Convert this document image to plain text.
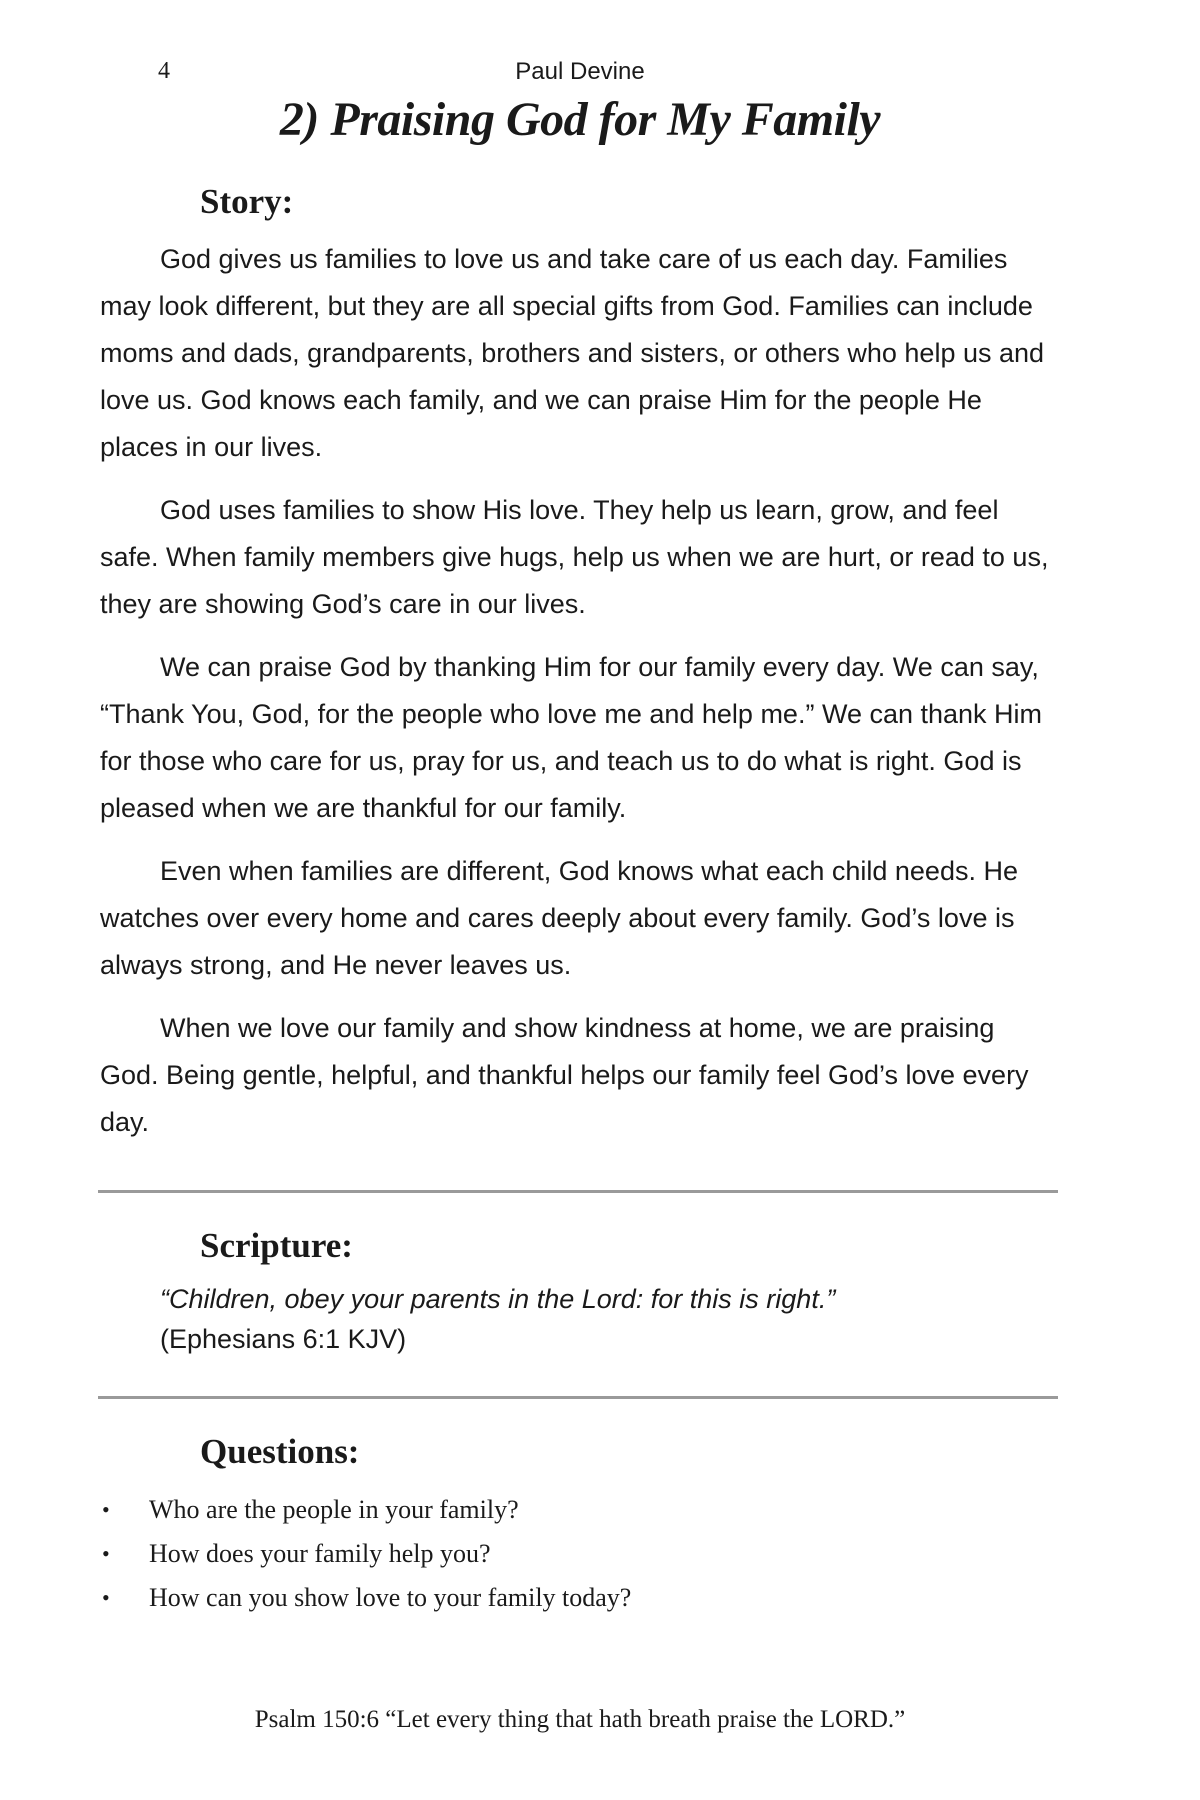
4	Paul Devine

2) Praising God for My Family
Story:

God gives us families to love us and take care of us each day. Families may look different, but they are all special gifts from God. Families can include moms and dads, grandparents, brothers and sisters, or others who help us and love us. God knows each family, and we can praise Him for the people He places in our lives.

God uses families to show His love. They help us learn, grow, and feel safe. When family members give hugs, help us when we are hurt, or read to us, they are showing God’s care in our lives.

We can praise God by thanking Him for our family every day. We can say, “Thank You, God, for the people who love me and help me.” We can thank Him for those who care for us, pray for us, and teach us to do what is right. God is pleased when we are thankful for our family.

Even when families are different, God knows what each child needs. He watches over every home and cares deeply about every family. God’s love is always strong, and He never leaves us.

When we love our family and show kindness at home, we are praising God. Being gentle, helpful, and thankful helps our family feel God’s love every day.

Scripture:

“Children, obey your parents in the Lord: for this is right.”

(Ephesians 6:1 KJV)

Questions:
• Who are the people in your family?
• How does your family help you?
• How can you show love to your family today?

Psalm 150:6 “Let every thing that hath breath praise the LORD.”
